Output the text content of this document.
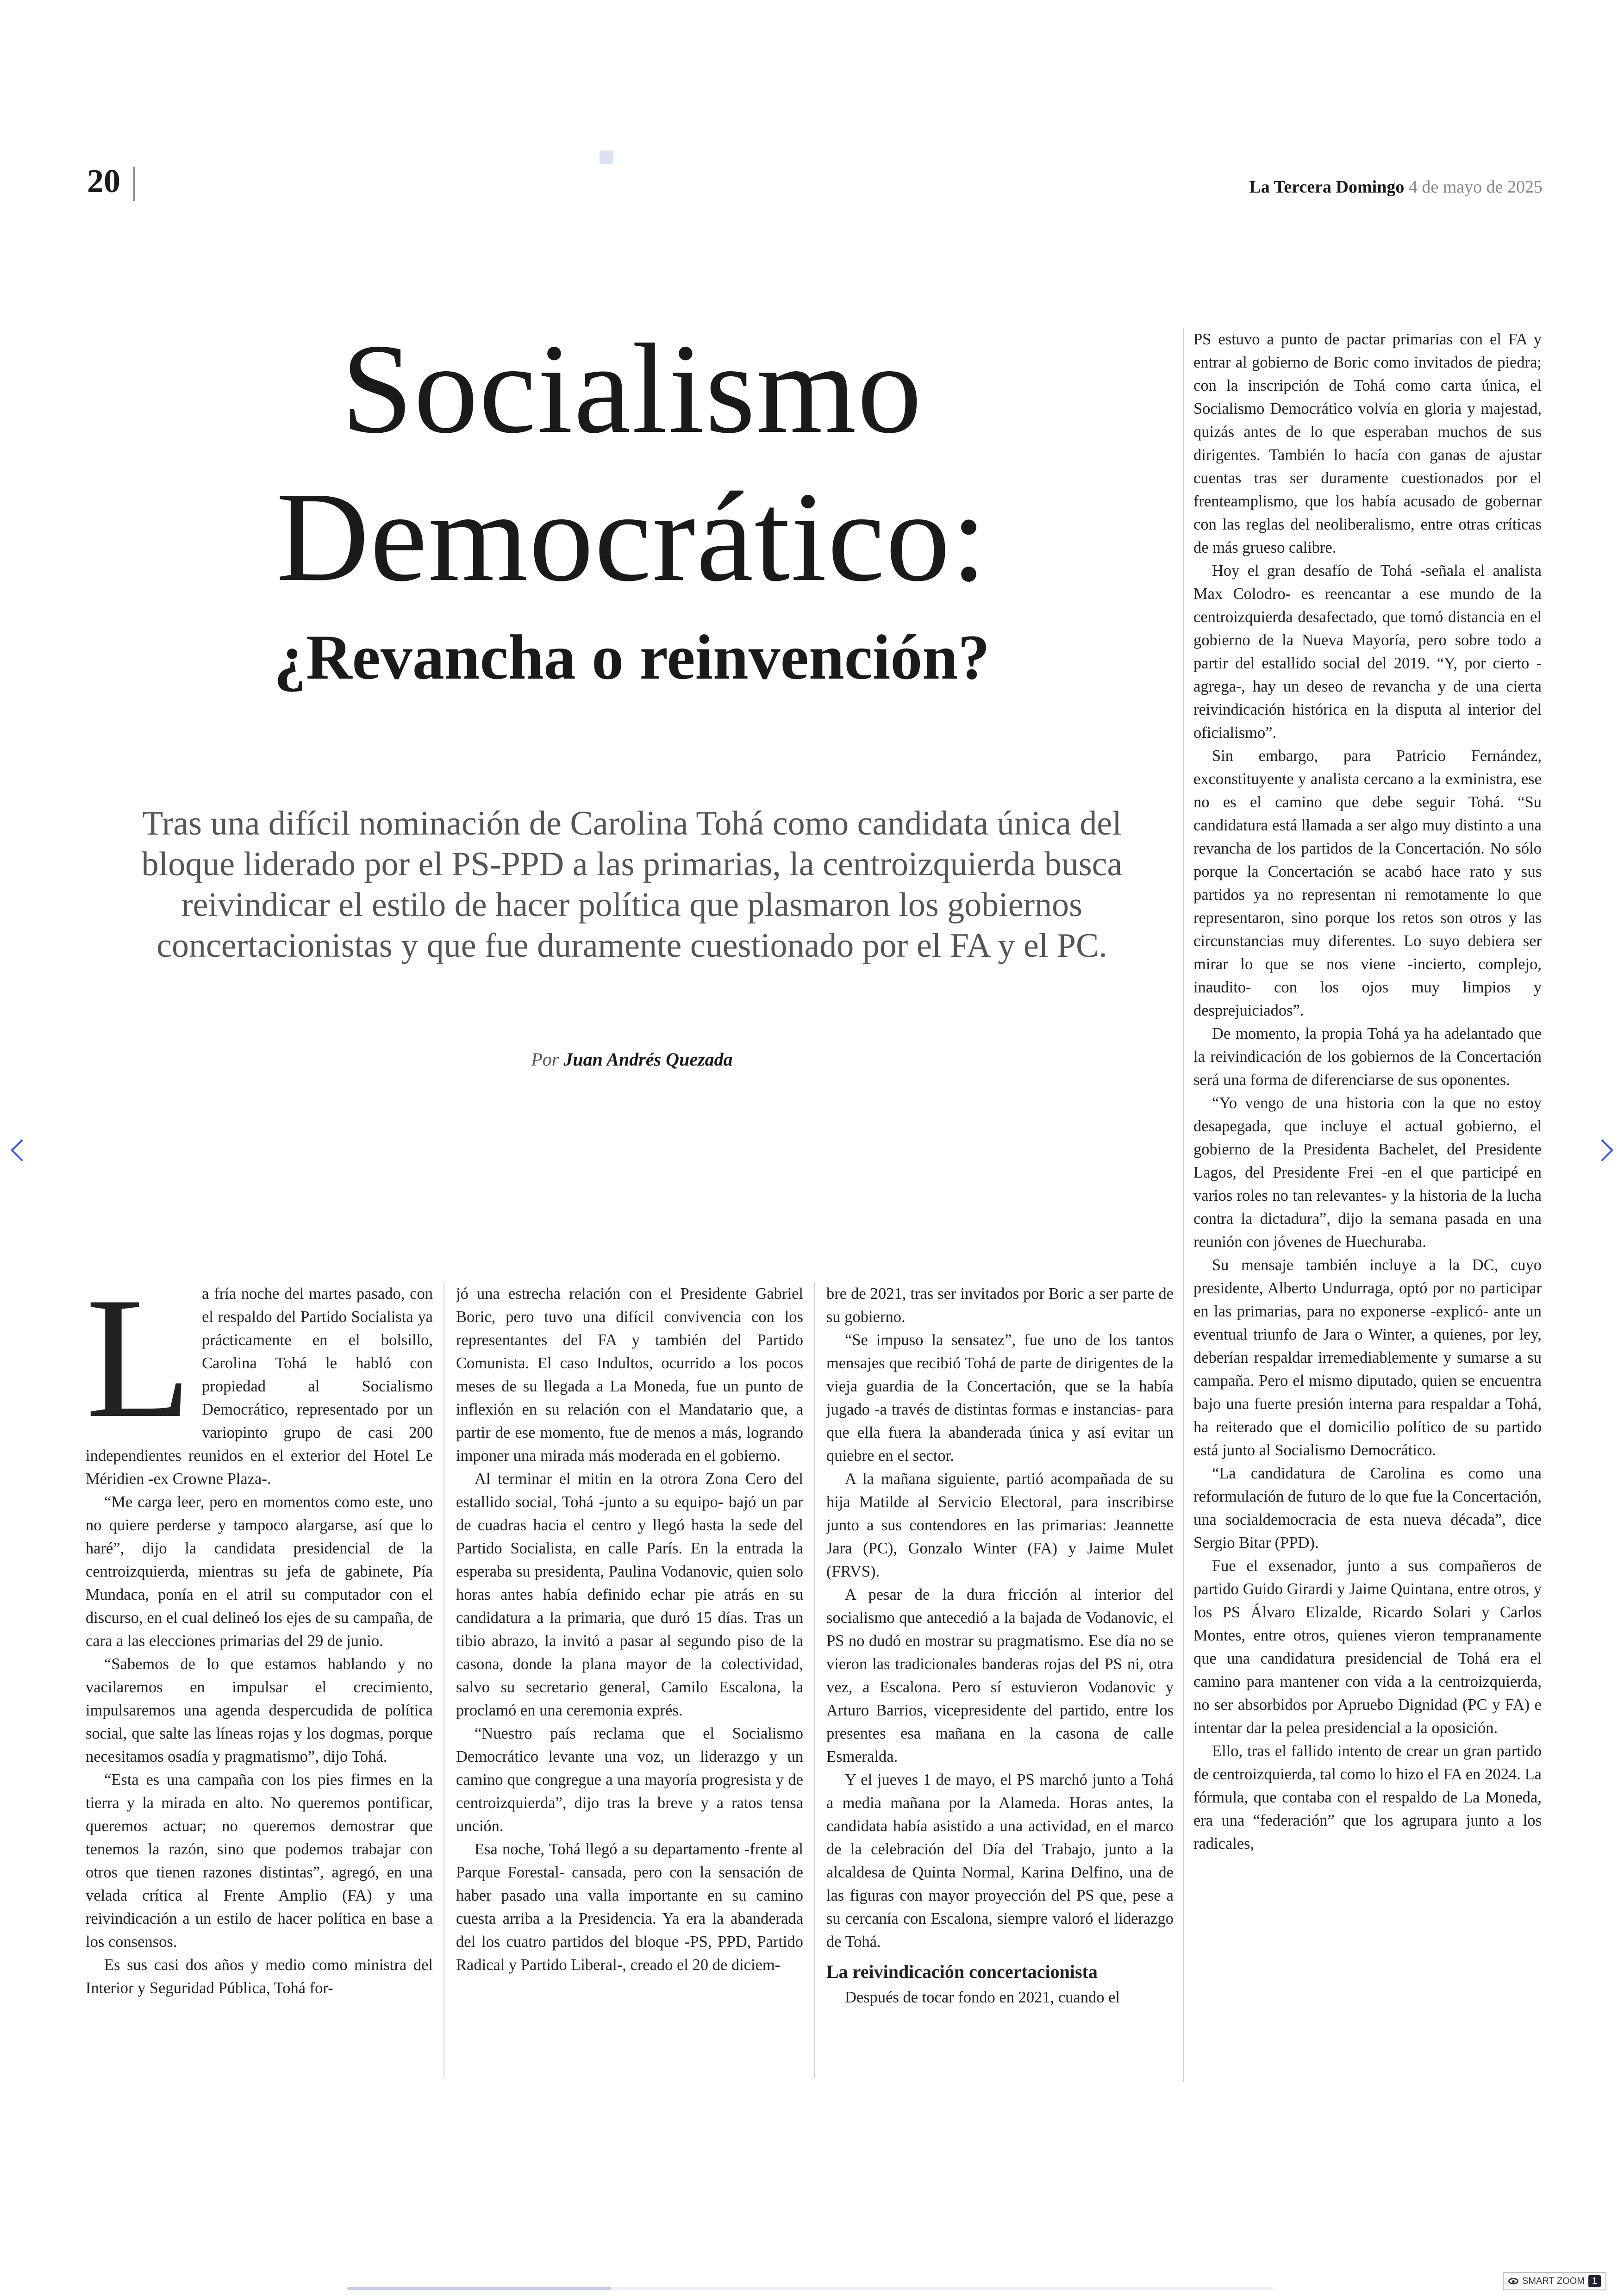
20	La Tercera Domingo 4 de mayo de 2025
Socialismo
Democrático:
¿Revancha o reinvención?
Tras una difícil nominación de Carolina Tohá como candidata única del bloque liderado por el PS-PPD a las primarias, la centroizquierda busca reivindicar el estilo de hacer política que plasmaron los gobiernos concertacionistas y que fue duramente cuestionado por el FA y el PC.
Por Juan Andrés Quezada
L a fría noche del martes pasado, con el respaldo del Partido Socialista ya prácticamente en el bolsillo, Carolina Tohá le habló con propiedad al Socialismo Democrático, representado por un variopinto grupo de casi 200 independientes reunidos en el exterior del Hotel Le Méridien -ex Crowne Plaza-.

“Me carga leer, pero en momentos como este, uno no quiere perderse y tampoco alargarse, así que lo haré”, dijo la candidata presidencial de la centroizquierda, mientras su jefa de gabinete, Pía Mundaca, ponía en el atril su computador con el discurso, en el cual delineó los ejes de su campaña, de cara a las elecciones primarias del 29 de junio.

“Sabemos de lo que estamos hablando y no vacilaremos en impulsar el crecimiento, impulsaremos una agenda despercudida de política social, que salte las líneas rojas y los dogmas, porque necesitamos osadía y pragmatismo”, dijo Tohá.

“Esta es una campaña con los pies firmes en la tierra y la mirada en alto. No queremos pontificar, queremos actuar; no queremos demostrar que tenemos la razón, sino que podemos trabajar con otros que tienen razones distintas”, agregó, en una velada crítica al Frente Amplio (FA) y una reivindicación a un estilo de hacer política en base a los consensos.

Es sus casi dos años y medio como ministra del Interior y Seguridad Pública, Tohá for-

jó una estrecha relación con el Presidente Gabriel Boric, pero tuvo una difícil convivencia con los representantes del FA y también del Partido Comunista. El caso Indultos, ocurrido a los pocos meses de su llegada a La Moneda, fue un punto de inflexión en su relación con el Mandatario que, a partir de ese momento, fue de menos a más, logrando imponer una mirada más moderada en el gobierno.

Al terminar el mitin en la otrora Zona Cero del estallido social, Tohá -junto a su equipo- bajó un par de cuadras hacia el centro y llegó hasta la sede del Partido Socialista, en calle París. En la entrada la esperaba su presidenta, Paulina Vodanovic, quien solo horas antes había definido echar pie atrás en su candidatura a la primaria, que duró 15 días. Tras un tibio abrazo, la invitó a pasar al segundo piso de la casona, donde la plana mayor de la colectividad, salvo su secretario general, Camilo Escalona, la proclamó en una ceremonia exprés.

“Nuestro país reclama que el Socialismo Democrático levante una voz, un liderazgo y un camino que congregue a una mayoría progresista y de centroizquierda”, dijo tras la breve y a ratos tensa unción.

Esa noche, Tohá llegó a su departamento -frente al Parque Forestal- cansada, pero con la sensación de haber pasado una valla importante en su camino cuesta arriba a la Presidencia. Ya era la abanderada del los cuatro partidos del bloque -PS, PPD, Partido Radical y Partido Liberal-, creado el 20 de diciem-

bre de 2021, tras ser invitados por Boric a ser parte de su gobierno.

“Se impuso la sensatez”, fue uno de los tantos mensajes que recibió Tohá de parte de dirigentes de la vieja guardia de la Concertación, que se la había jugado -a través de distintas formas e instancias- para que ella fuera la abanderada única y así evitar un quiebre en el sector.

A la mañana siguiente, partió acompañada de su hija Matilde al Servicio Electoral, para inscribirse junto a sus contendores en las primarias: Jeannette Jara (PC), Gonzalo Winter (FA) y Jaime Mulet (FRVS).

A pesar de la dura fricción al interior del socialismo que antecedió a la bajada de Vodanovic, el PS no dudó en mostrar su pragmatismo. Ese día no se vieron las tradicionales banderas rojas del PS ni, otra vez, a Escalona. Pero sí estuvieron Vodanovic y Arturo Barrios, vicepresidente del partido, entre los presentes esa mañana en la casona de calle Esmeralda.

Y el jueves 1 de mayo, el PS marchó junto a Tohá a media mañana por la Alameda. Horas antes, la candidata había asistido a una actividad, en el marco de la celebración del Día del Trabajo, junto a la alcaldesa de Quinta Normal, Karina Delfino, una de las figuras con mayor proyección del PS que, pese a su cercanía con Escalona, siempre valoró el liderazgo de Tohá.

La reivindicación concertacionista

Después de tocar fondo en 2021, cuando el

PS estuvo a punto de pactar primarias con el FA y entrar al gobierno de Boric como invitados de piedra; con la inscripción de Tohá como carta única, el Socialismo Democrático volvía en gloria y majestad, quizás antes de lo que esperaban muchos de sus dirigentes. También lo hacía con ganas de ajustar cuentas tras ser duramente cuestionados por el frenteamplismo, que los había acusado de gobernar con las reglas del neoliberalismo, entre otras críticas de más grueso calibre.

Hoy el gran desafío de Tohá -señala el analista Max Colodro- es reencantar a ese mundo de la centroizquierda desafectado, que tomó distancia en el gobierno de la Nueva Mayoría, pero sobre todo a partir del estallido social del 2019. “Y, por cierto -agrega-, hay un deseo de revancha y de una cierta reivindicación histórica en la disputa al interior del oficialismo”.

Sin embargo, para Patricio Fernández, exconstituyente y analista cercano a la exministra, ese no es el camino que debe seguir Tohá. “Su candidatura está llamada a ser algo muy distinto a una revancha de los partidos de la Concertación. No sólo porque la Concertación se acabó hace rato y sus partidos ya no representan ni remotamente lo que representaron, sino porque los retos son otros y las circunstancias muy diferentes. Lo suyo debiera ser mirar lo que se nos viene -incierto, complejo, inaudito- con los ojos muy limpios y desprejuiciados”.

De momento, la propia Tohá ya ha adelantado que la reivindicación de los gobiernos de la Concertación será una forma de diferenciarse de sus oponentes.

“Yo vengo de una historia con la que no estoy desapegada, que incluye el actual gobierno, el gobierno de la Presidenta Bachelet, del Presidente Lagos, del Presidente Frei -en el que participé en varios roles no tan relevantes- y la historia de la lucha contra la dictadura”, dijo la semana pasada en una reunión con jóvenes de Huechuraba.

Su mensaje también incluye a la DC, cuyo presidente, Alberto Undurraga, optó por no participar en las primarias, para no exponerse -explicó- ante un eventual triunfo de Jara o Winter, a quienes, por ley, deberían respaldar irremediablemente y sumarse a su campaña. Pero el mismo diputado, quien se encuentra bajo una fuerte presión interna para respaldar a Tohá, ha reiterado que el domicilio político de su partido está junto al Socialismo Democrático.

“La candidatura de Carolina es como una reformulación de futuro de lo que fue la Concertación, una socialdemocracia de esta nueva década”, dice Sergio Bitar (PPD).

Fue el exsenador, junto a sus compañeros de partido Guido Girardi y Jaime Quintana, entre otros, y los PS Álvaro Elizalde, Ricardo Solari y Carlos Montes, entre otros, quienes vieron tempranamente que una candidatura presidencial de Tohá era el camino para mantener con vida a la centroizquierda, no ser absorbidos por Apruebo Dignidad (PC y FA) e intentar dar la pelea presidencial a la oposición.

Ello, tras el fallido intento de crear un gran partido de centroizquierda, tal como lo hizo el FA en 2024. La fórmula, que contaba con el respaldo de La Moneda, era una “federación” que los agrupara junto a los radicales,

SMART ZOOM 1
